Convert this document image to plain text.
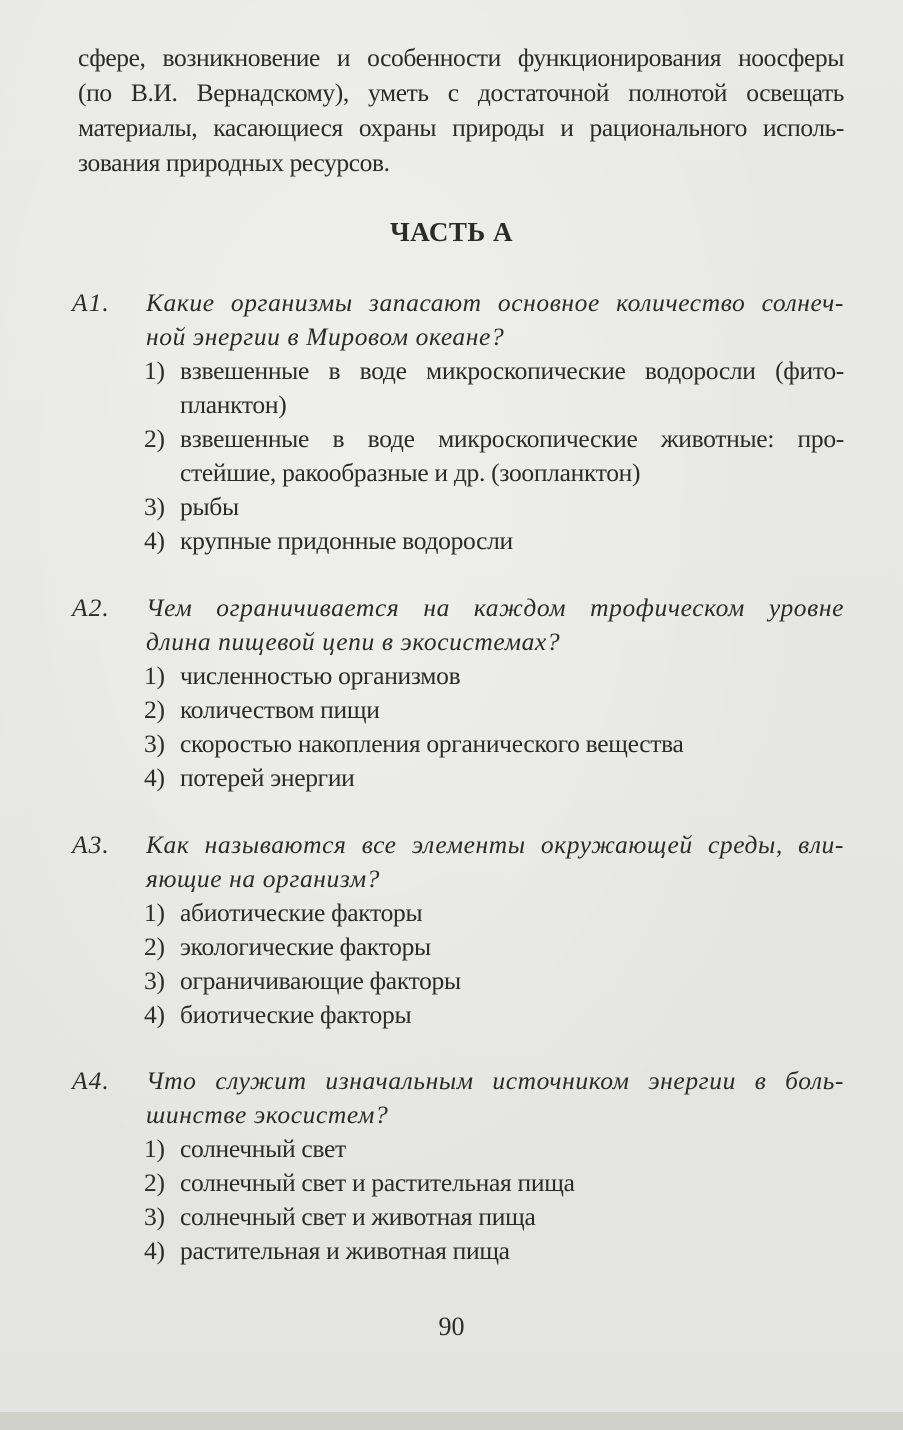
сфере, возникновение и особенности функционирования ноосферы
(по В.И. Вернадскому), уметь с достаточной полнотой освещать
материалы, касающиеся охраны природы и рационального исполь-
зования природных ресурсов.
ЧАСТЬ А
А1. Какие организмы запасают основное количество солнеч-
ной энергии в Мировом океане?
1) взвешенные в воде микроскопические водоросли (фито-
планктон)
2) взвешенные в воде микроскопические животные: про-
стейшие, ракообразные и др. (зоопланктон)
3) рыбы
4) крупные придонные водоросли
А2. Чем ограничивается на каждом трофическом уровне
длина пищевой цепи в экосистемах?
1) численностью организмов
2) количеством пищи
3) скоростью накопления органического вещества
4) потерей энергии
А3. Как называются все элементы окружающей среды, вли-
яющие на организм?
1) абиотические факторы
2) экологические факторы
3) ограничивающие факторы
4) биотические факторы
А4. Что служит изначальным источником энергии в боль-
шинстве экосистем?
1) солнечный свет
2) солнечный свет и растительная пища
3) солнечный свет и животная пища
4) растительная и животная пища
90
